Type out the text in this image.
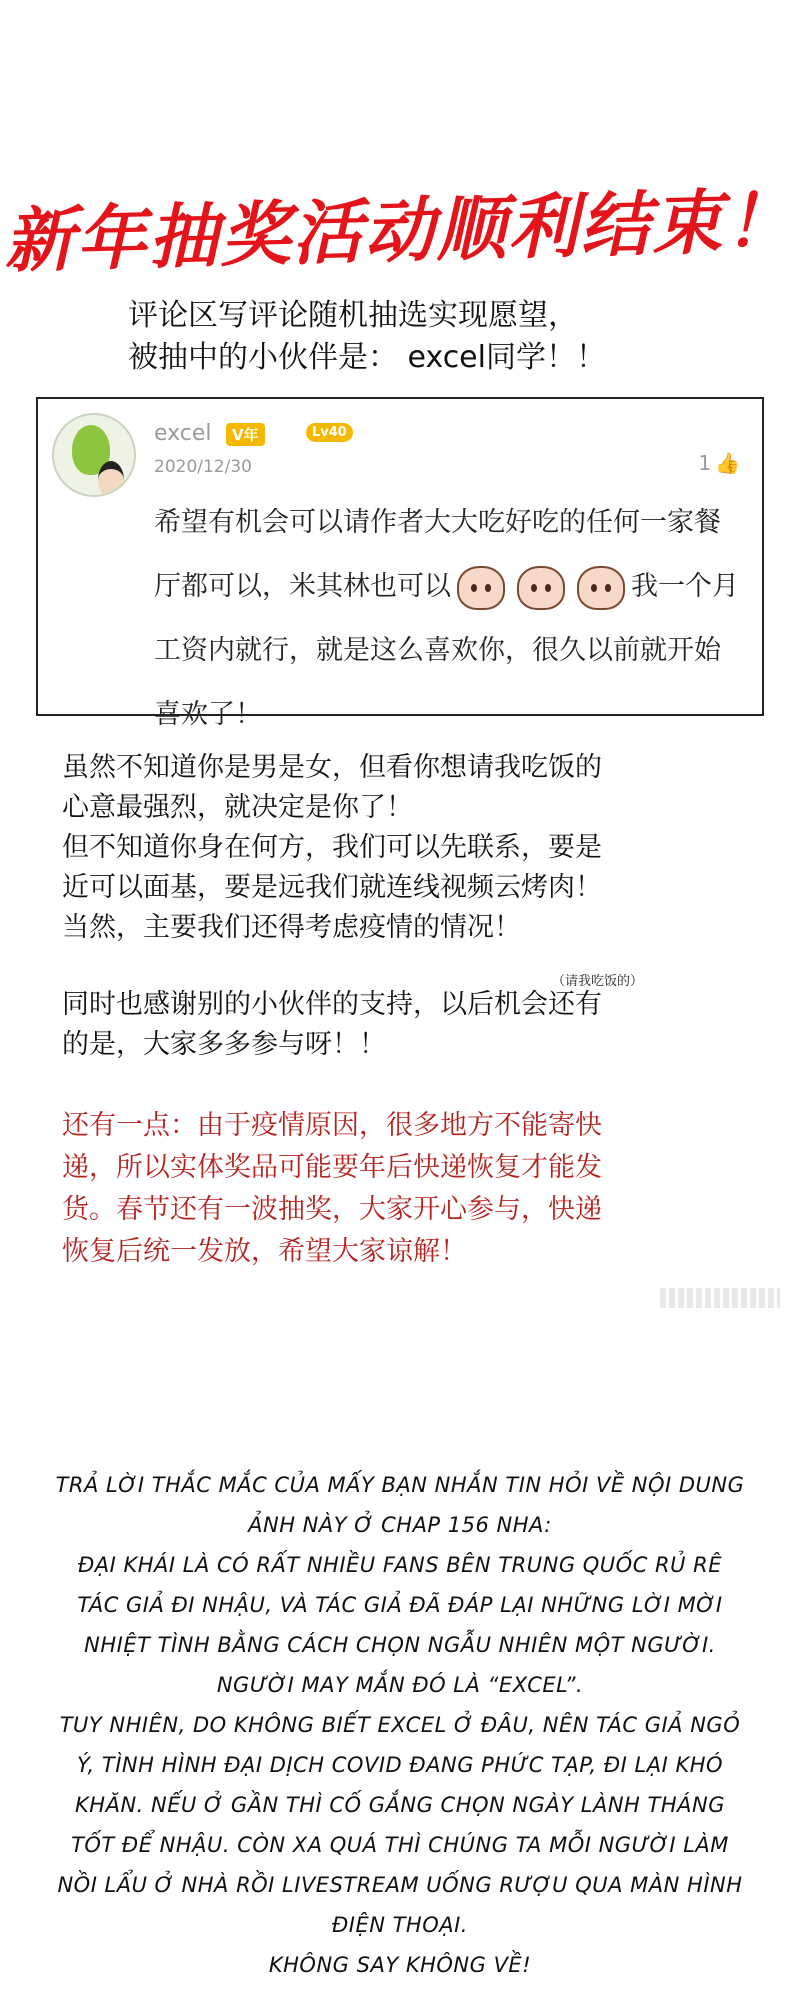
新年抽奖活动顺利结束！
评论区写评论随机抽选实现愿望，
被抽中的小伙伴是： excel同学！！
excel	V年	Lv40
2020/12/30	1 👍
希望有机会可以请作者大大吃好吃的任何一家餐厅都可以，米其林也可以	我一个月工资内就行，就是这么喜欢你，很久以前就开始喜欢了！
虽然不知道你是男是女，但看你想请我吃饭的
心意最强烈，就决定是你了！
但不知道你身在何方，我们可以先联系，要是
近可以面基，要是远我们就连线视频云烤肉！
当然，主要我们还得考虑疫情的情况！
（请我吃饭的）
同时也感谢别的小伙伴的支持，以后机会还有
的是，大家多多参与呀！！
还有一点：由于疫情原因，很多地方不能寄快
递，所以实体奖品可能要年后快递恢复才能发
货。春节还有一波抽奖，大家开心参与，快递
恢复后统一发放，希望大家谅解！
TRẢ LỜI THẮC MẮC CỦA MẤY BẠN NHẮN TIN HỎI VỀ NỘI DUNG
ẢNH NÀY Ở CHAP 156 NHA:
ĐẠI KHÁI LÀ CÓ RẤT NHIỀU FANS BÊN TRUNG QUỐC RỦ RÊ
TÁC GIẢ ĐI NHẬU, VÀ TÁC GIẢ ĐÃ ĐÁP LẠI NHỮNG LỜI MỜI
NHIỆT TÌNH BẰNG CÁCH CHỌN NGẪU NHIÊN MỘT NGƯỜI.
NGƯỜI MAY MẮN ĐÓ LÀ “EXCEL”.
TUY NHIÊN, DO KHÔNG BIẾT EXCEL Ở ĐÂU, NÊN TÁC GIẢ NGỎ
Ý, TÌNH HÌNH ĐẠI DỊCH COVID ĐANG PHỨC TẠP, ĐI LẠI KHÓ
KHĂN. NẾU Ở GẦN THÌ CỐ GẮNG CHỌN NGÀY LÀNH THÁNG
TỐT ĐỂ NHẬU. CÒN XA QUÁ THÌ CHÚNG TA MỖI NGƯỜI LÀM
NỒI LẨU Ở NHÀ RỒI LIVESTREAM UỐNG RƯỢU QUA MÀN HÌNH
ĐIỆN THOẠI.
KHÔNG SAY KHÔNG VỀ!
